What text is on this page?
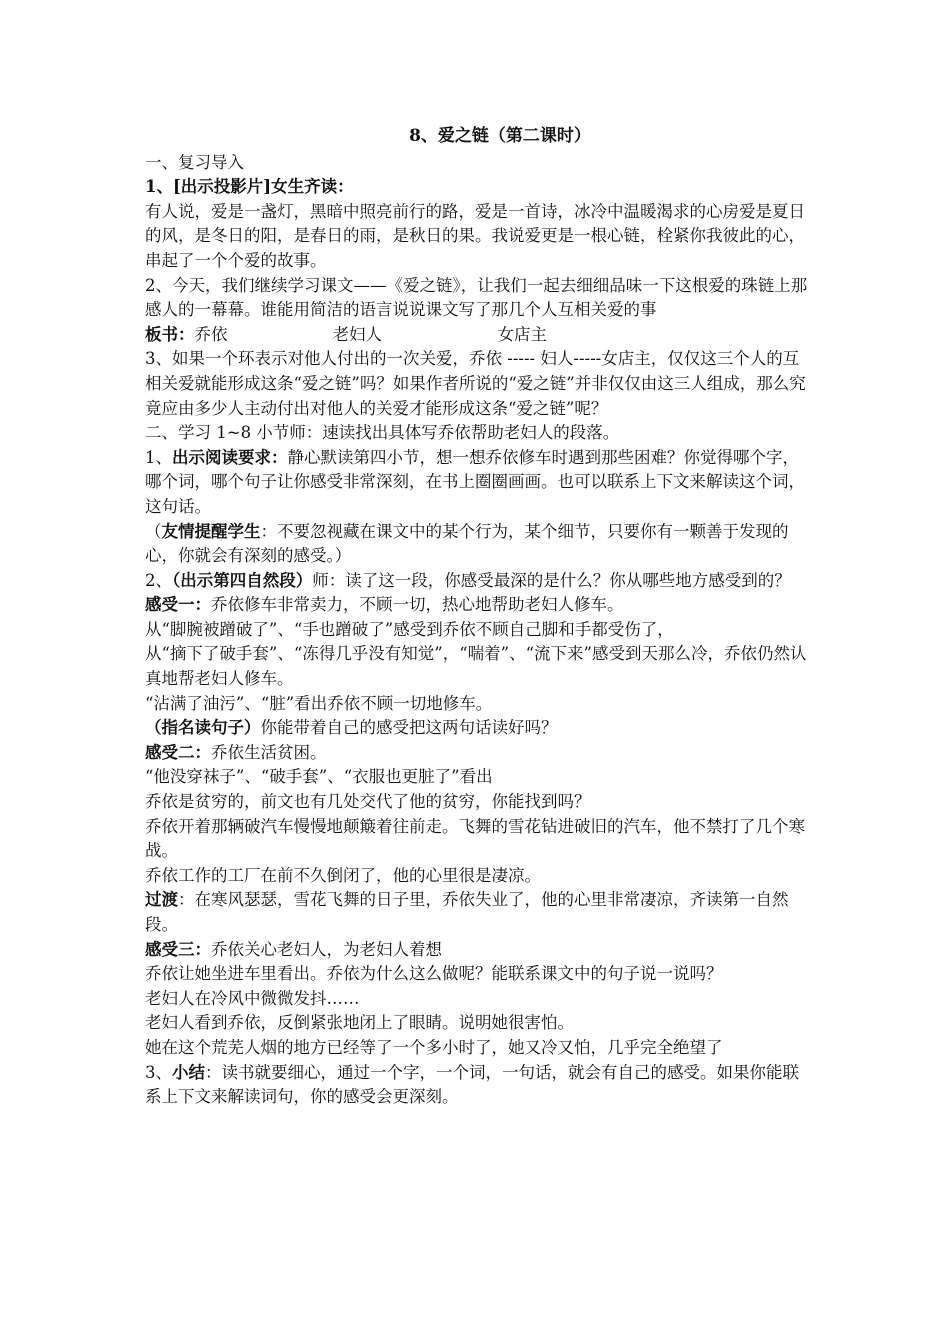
8、爱之链（第二课时）
一、复习导入
1、[出示投影片]女生齐读：
有人说，爱是一盏灯，黑暗中照亮前行的路，爱是一首诗，冰冷中温暖渴求的心房爱是夏日的风，是冬日的阳，是春日的雨，是秋日的果。我说爱更是一根心链，栓紧你我彼此的心，串起了一个个爱的故事。
2、今天，我们继续学习课文——《爱之链》，让我们一起去细细品味一下这根爱的珠链上那感人的一幕幕。谁能用简洁的语言说说课文写了那几个人互相关爱的事
板书：乔依	老妇人	女店主
3、如果一个环表示对他人付出的一次关爱，乔依 ----- 妇人-----女店主，仅仅这三个人的互相关爱就能形成这条“爱之链”吗？如果作者所说的“爱之链”并非仅仅由这三人组成，那么究竟应由多少人主动付出对他人的关爱才能形成这条“爱之链”呢？
二、学习 1~8 小节师：速读找出具体写乔依帮助老妇人的段落。
1、出示阅读要求：静心默读第四小节，想一想乔依修车时遇到那些困难？你觉得哪个字，哪个词，哪个句子让你感受非常深刻，在书上圈圈画画。也可以联系上下文来解读这个词，这句话。
（友情提醒学生：不要忽视藏在课文中的某个行为，某个细节，只要你有一颗善于发现的心，你就会有深刻的感受。）
2、（出示第四自然段）师：读了这一段，你感受最深的是什么？你从哪些地方感受到的？
感受一：乔依修车非常卖力，不顾一切，热心地帮助老妇人修车。
从“脚腕被蹭破了”、“手也蹭破了”感受到乔依不顾自己脚和手都受伤了，
从“摘下了破手套”、“冻得几乎没有知觉”，“喘着”、“流下来”感受到天那么冷，乔依仍然认真地帮老妇人修车。
“沾满了油污”、“脏”看出乔依不顾一切地修车。
（指名读句子）你能带着自己的感受把这两句话读好吗？
感受二：乔依生活贫困。
“他没穿袜子”、“破手套”、“衣服也更脏了”看出
乔依是贫穷的，前文也有几处交代了他的贫穷，你能找到吗？
乔依开着那辆破汽车慢慢地颠簸着往前走。飞舞的雪花钻进破旧的汽车，他不禁打了几个寒战。
乔依工作的工厂在前不久倒闭了，他的心里很是凄凉。
过渡：在寒风瑟瑟，雪花飞舞的日子里，乔依失业了，他的心里非常凄凉，齐读第一自然段。
感受三：乔依关心老妇人，为老妇人着想
乔依让她坐进车里看出。乔依为什么这么做呢？能联系课文中的句子说一说吗？
老妇人在冷风中微微发抖……
老妇人看到乔依，反倒紧张地闭上了眼睛。说明她很害怕。
她在这个荒芜人烟的地方已经等了一个多小时了，她又冷又怕，几乎完全绝望了
3、小结：读书就要细心，通过一个字，一个词，一句话，就会有自己的感受。如果你能联系上下文来解读词句，你的感受会更深刻。
